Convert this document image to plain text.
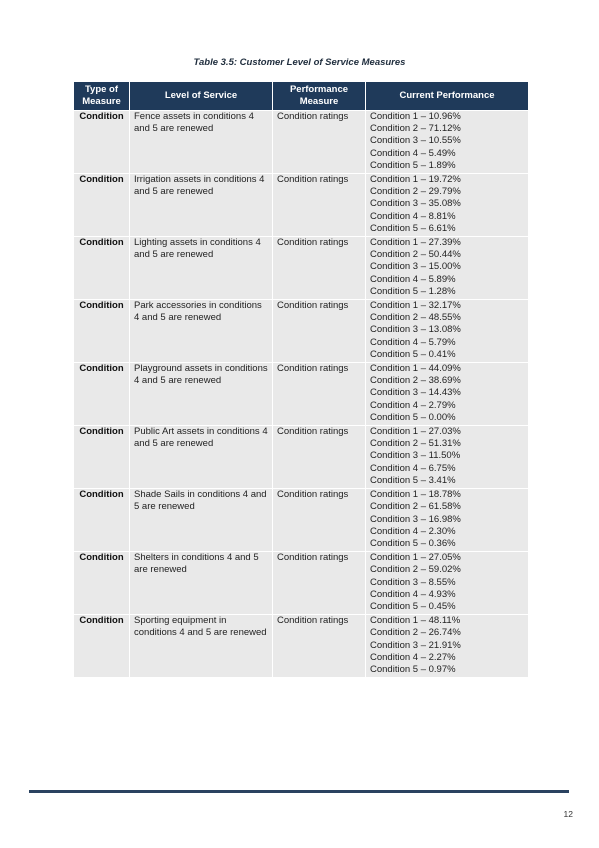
Table 3.5: Customer Level of Service Measures
Type of Measure	Level of Service	Performance Measure	Current Performance
Condition	Fence assets in conditions 4 and 5 are renewed	Condition ratings	Condition 1 – 10.96%
Condition 2 – 71.12%
Condition 3 – 10.55%
Condition 4 – 5.49%
Condition 5 – 1.89%

Condition	Irrigation assets in conditions 4 and 5 are renewed	Condition ratings	Condition 1 – 19.72%
Condition 2 – 29.79%
Condition 3 – 35.08%
Condition 4 – 8.81%
Condition 5 – 6.61%

Condition	Lighting assets in conditions 4 and 5 are renewed	Condition ratings	Condition 1 – 27.39%
Condition 2 – 50.44%
Condition 3 – 15.00%
Condition 4 – 5.89%
Condition 5 – 1.28%

Condition	Park accessories in conditions 4 and 5 are renewed	Condition ratings	Condition 1 – 32.17%
Condition 2 – 48.55%
Condition 3 – 13.08%
Condition 4 – 5.79%
Condition 5 – 0.41%

Condition	Playground assets in conditions 4 and 5 are renewed	Condition ratings	Condition 1 – 44.09%
Condition 2 – 38.69%
Condition 3 – 14.43%
Condition 4 – 2.79%
Condition 5 – 0.00%

Condition	Public Art assets in conditions 4 and 5 are renewed	Condition ratings	Condition 1 – 27.03%
Condition 2 – 51.31%
Condition 3 – 11.50%
Condition 4 – 6.75%
Condition 5 – 3.41%

Condition	Shade Sails in conditions 4 and 5 are renewed	Condition ratings	Condition 1 – 18.78%
Condition 2 – 61.58%
Condition 3 – 16.98%
Condition 4 – 2.30%
Condition 5 – 0.36%

Condition	Shelters in conditions 4 and 5 are renewed	Condition ratings	Condition 1 – 27.05%
Condition 2 – 59.02%
Condition 3 – 8.55%
Condition 4 – 4.93%
Condition 5 – 0.45%

Condition	Sporting equipment in conditions 4 and 5 are renewed	Condition ratings	Condition 1 – 48.11%
Condition 2 – 26.74%
Condition 3 – 21.91%
Condition 4 – 2.27%
Condition 5 – 0.97%
12
